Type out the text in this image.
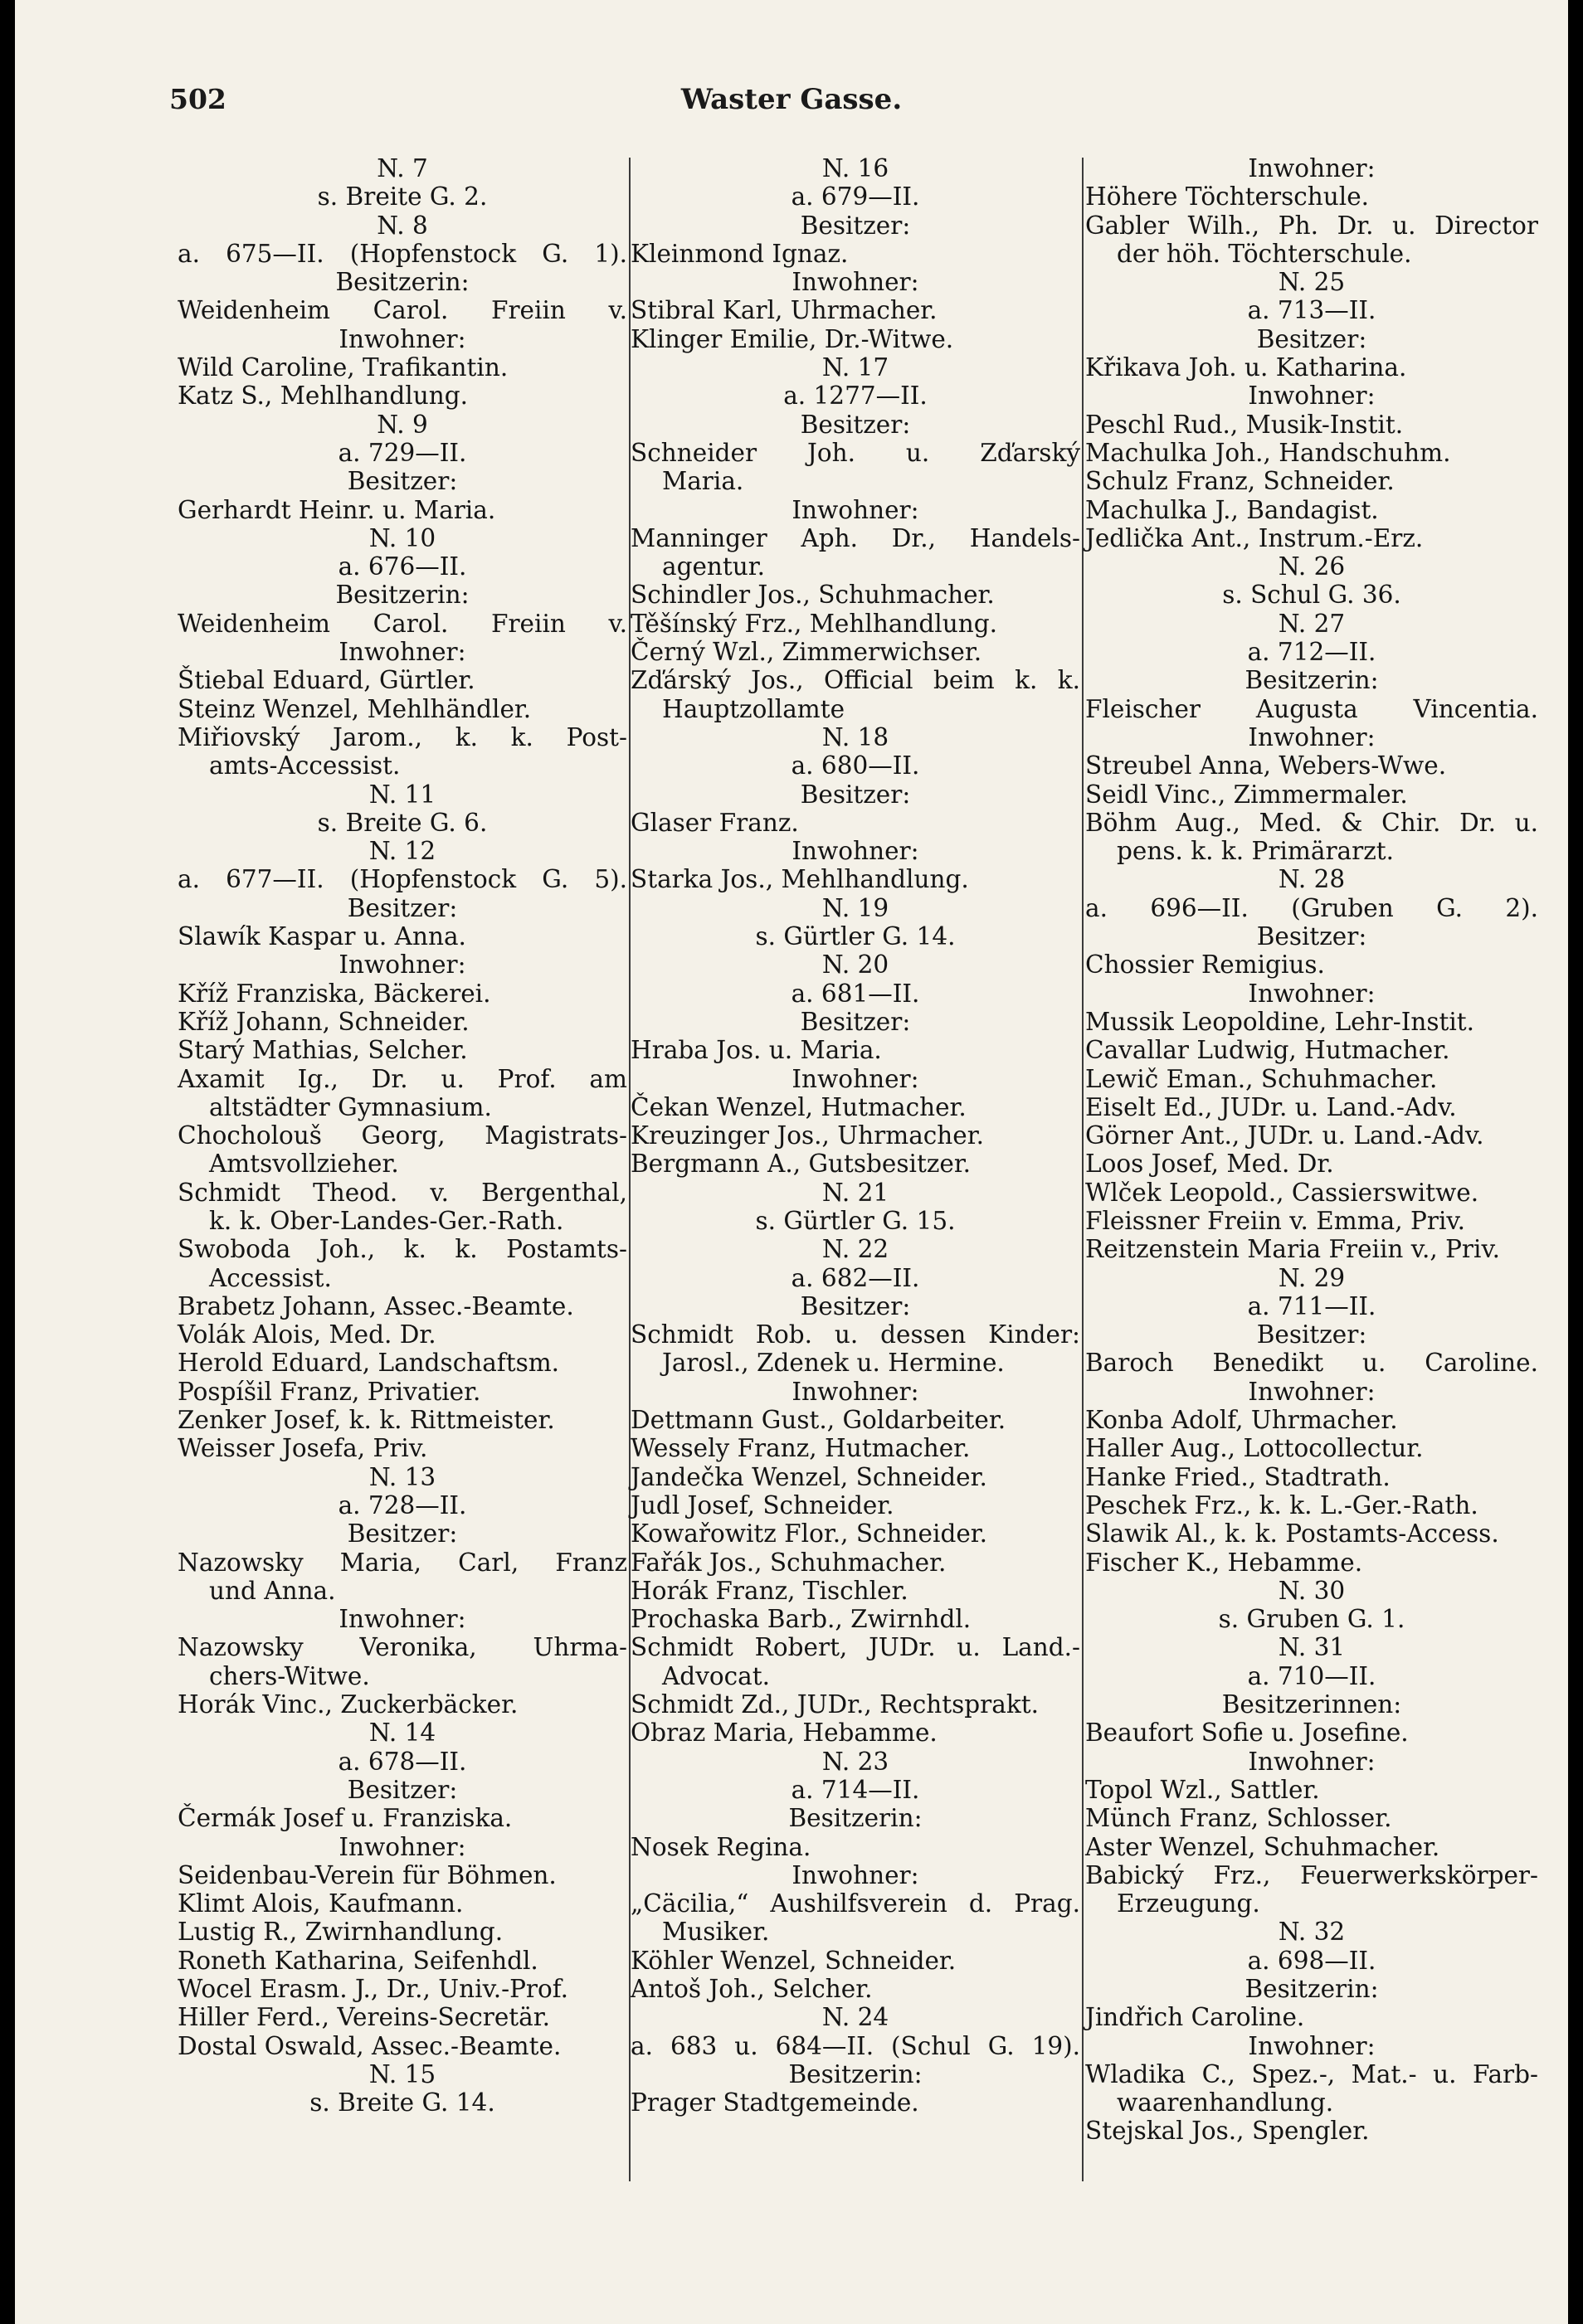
Waster Gasse.
502
N. 7
s. Breite G. 2.
N. 8
a. 675—II. (Hopfenstock G. 1).
Besitzerin:
Weidenheim Carol. Freiin v.
Inwohner:
Wild Caroline, Trafikantin.
Katz S., Mehlhandlung.
N. 9
a. 729—II.
Besitzer:
Gerhardt Heinr. u. Maria.
N. 10
a. 676—II.
Besitzerin:
Weidenheim Carol. Freiin v.
Inwohner:
Štiebal Eduard, Gürtler.
Steinz Wenzel, Mehlhändler.
Miřiovský Jarom., k. k. Post-
amts-Accessist.
N. 11
s. Breite G. 6.
N. 12
a. 677—II. (Hopfenstock G. 5).
Besitzer:
Slawík Kaspar u. Anna.
Inwohner:
Kříž Franziska, Bäckerei.
Kříž Johann, Schneider.
Starý Mathias, Selcher.
Axamit Ig., Dr. u. Prof. am
altstädter Gymnasium.
Chocholouš Georg, Magistrats-
Amtsvollzieher.
Schmidt Theod. v. Bergenthal,
k. k. Ober-Landes-Ger.-Rath.
Swoboda Joh., k. k. Postamts-
Accessist.
Brabetz Johann, Assec.-Beamte.
Volák Alois, Med. Dr.
Herold Eduard, Landschaftsm.
Pospíšil Franz, Privatier.
Zenker Josef, k. k. Rittmeister.
Weisser Josefa, Priv.
N. 13
a. 728—II.
Besitzer:
Nazowsky Maria, Carl, Franz
und Anna.
Inwohner:
Nazowsky Veronika, Uhrma-
chers-Witwe.
Horák Vinc., Zuckerbäcker.
N. 14
a. 678—II.
Besitzer:
Čermák Josef u. Franziska.
Inwohner:
Seidenbau-Verein für Böhmen.
Klimt Alois, Kaufmann.
Lustig R., Zwirnhandlung.
Roneth Katharina, Seifenhdl.
Wocel Erasm. J., Dr., Univ.-Prof.
Hiller Ferd., Vereins-Secretär.
Dostal Oswald, Assec.-Beamte.
N. 15
s. Breite G. 14.
N. 16
a. 679—II.
Besitzer:
Kleinmond Ignaz.
Inwohner:
Stibral Karl, Uhrmacher.
Klinger Emilie, Dr.-Witwe.
N. 17
a. 1277—II.
Besitzer:
Schneider Joh. u. Zďarský
Maria.
Inwohner:
Manninger Aph. Dr., Handels-
agentur.
Schindler Jos., Schuhmacher.
Těšínský Frz., Mehlhandlung.
Černý Wzl., Zimmerwichser.
Zďárský Jos., Official beim k. k.
Hauptzollamte
N. 18
a. 680—II.
Besitzer:
Glaser Franz.
Inwohner:
Starka Jos., Mehlhandlung.
N. 19
s. Gürtler G. 14.
N. 20
a. 681—II.
Besitzer:
Hraba Jos. u. Maria.
Inwohner:
Čekan Wenzel, Hutmacher.
Kreuzinger Jos., Uhrmacher.
Bergmann A., Gutsbesitzer.
N. 21
s. Gürtler G. 15.
N. 22
a. 682—II.
Besitzer:
Schmidt Rob. u. dessen Kinder:
Jarosl., Zdenek u. Hermine.
Inwohner:
Dettmann Gust., Goldarbeiter.
Wessely Franz, Hutmacher.
Jandečka Wenzel, Schneider.
Judl Josef, Schneider.
Kowařowitz Flor., Schneider.
Fařák Jos., Schuhmacher.
Horák Franz, Tischler.
Prochaska Barb., Zwirnhdl.
Schmidt Robert, JUDr. u. Land.-
Advocat.
Schmidt Zd., JUDr., Rechtsprakt.
Obraz Maria, Hebamme.
N. 23
a. 714—II.
Besitzerin:
Nosek Regina.
Inwohner:
„Cäcilia,“ Aushilfsverein d. Prag.
Musiker.
Köhler Wenzel, Schneider.
Antoš Joh., Selcher.
N. 24
a. 683 u. 684—II. (Schul G. 19).
Besitzerin:
Prager Stadtgemeinde.
Inwohner:
Höhere Töchterschule.
Gabler Wilh., Ph. Dr. u. Director
der höh. Töchterschule.
N. 25
a. 713—II.
Besitzer:
Křikava Joh. u. Katharina.
Inwohner:
Peschl Rud., Musik-Instit.
Machulka Joh., Handschuhm.
Schulz Franz, Schneider.
Machulka J., Bandagist.
Jedlička Ant., Instrum.-Erz.
N. 26
s. Schul G. 36.
N. 27
a. 712—II.
Besitzerin:
Fleischer Augusta Vincentia.
Inwohner:
Streubel Anna, Webers-Wwe.
Seidl Vinc., Zimmermaler.
Böhm Aug., Med. & Chir. Dr. u.
pens. k. k. Primärarzt.
N. 28
a. 696—II. (Gruben G. 2).
Besitzer:
Chossier Remigius.
Inwohner:
Mussik Leopoldine, Lehr-Instit.
Cavallar Ludwig, Hutmacher.
Lewič Eman., Schuhmacher.
Eiselt Ed., JUDr. u. Land.-Adv.
Görner Ant., JUDr. u. Land.-Adv.
Loos Josef, Med. Dr.
Wlček Leopold., Cassierswitwe.
Fleissner Freiin v. Emma, Priv.
Reitzenstein Maria Freiin v., Priv.
N. 29
a. 711—II.
Besitzer:
Baroch Benedikt u. Caroline.
Inwohner:
Konba Adolf, Uhrmacher.
Haller Aug., Lottocollectur.
Hanke Fried., Stadtrath.
Peschek Frz., k. k. L.-Ger.-Rath.
Slawik Al., k. k. Postamts-Access.
Fischer K., Hebamme.
N. 30
s. Gruben G. 1.
N. 31
a. 710—II.
Besitzerinnen:
Beaufort Sofie u. Josefine.
Inwohner:
Topol Wzl., Sattler.
Münch Franz, Schlosser.
Aster Wenzel, Schuhmacher.
Babický Frz., Feuerwerkskörper-
Erzeugung.
N. 32
a. 698—II.
Besitzerin:
Jindřich Caroline.
Inwohner:
Wladika C., Spez.-, Mat.- u. Farb-
waarenhandlung.
Stejskal Jos., Spengler.
